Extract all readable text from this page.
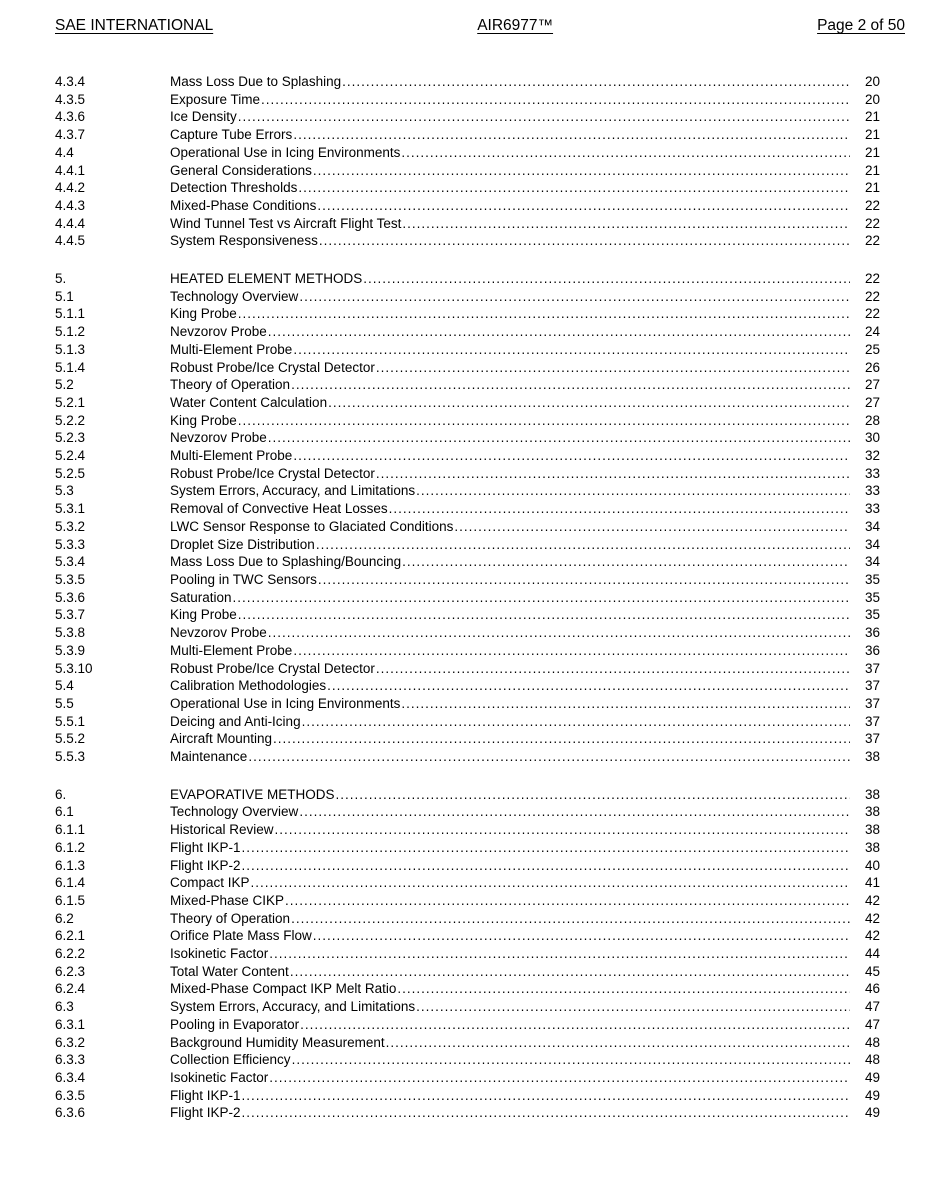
SAE INTERNATIONAL	AIR6977™	Page 2 of 50
4.3.4	Mass Loss Due to Splashing .....	20
4.3.5	Exposure Time .....	20
4.3.6	Ice Density .....	21
4.3.7	Capture Tube Errors .....	21
4.4	Operational Use in Icing Environments .....	21
4.4.1	General Considerations .....	21
4.4.2	Detection Thresholds .....	21
4.4.3	Mixed-Phase Conditions .....	22
4.4.4	Wind Tunnel Test vs Aircraft Flight Test .....	22
4.4.5	System Responsiveness .....	22
5.	HEATED ELEMENT METHODS .....	22
5.1	Technology Overview .....	22
5.1.1	King Probe .....	22
5.1.2	Nevzorov Probe .....	24
5.1.3	Multi-Element Probe .....	25
5.1.4	Robust Probe/Ice Crystal Detector .....	26
5.2	Theory of Operation .....	27
5.2.1	Water Content Calculation .....	27
5.2.2	King Probe .....	28
5.2.3	Nevzorov Probe .....	30
5.2.4	Multi-Element Probe .....	32
5.2.5	Robust Probe/Ice Crystal Detector .....	33
5.3	System Errors, Accuracy, and Limitations .....	33
5.3.1	Removal of Convective Heat Losses .....	33
5.3.2	LWC Sensor Response to Glaciated Conditions .....	34
5.3.3	Droplet Size Distribution .....	34
5.3.4	Mass Loss Due to Splashing/Bouncing .....	34
5.3.5	Pooling in TWC Sensors .....	35
5.3.6	Saturation .....	35
5.3.7	King Probe .....	35
5.3.8	Nevzorov Probe .....	36
5.3.9	Multi-Element Probe .....	36
5.3.10	Robust Probe/Ice Crystal Detector .....	37
5.4	Calibration Methodologies .....	37
5.5	Operational Use in Icing Environments .....	37
5.5.1	Deicing and Anti-Icing .....	37
5.5.2	Aircraft Mounting .....	37
5.5.3	Maintenance .....	38
6.	EVAPORATIVE METHODS .....	38
6.1	Technology Overview .....	38
6.1.1	Historical Review .....	38
6.1.2	Flight IKP-1 .....	38
6.1.3	Flight IKP-2 .....	40
6.1.4	Compact IKP .....	41
6.1.5	Mixed-Phase CIKP .....	42
6.2	Theory of Operation .....	42
6.2.1	Orifice Plate Mass Flow .....	42
6.2.2	Isokinetic Factor .....	44
6.2.3	Total Water Content .....	45
6.2.4	Mixed-Phase Compact IKP Melt Ratio .....	46
6.3	System Errors, Accuracy, and Limitations .....	47
6.3.1	Pooling in Evaporator .....	47
6.3.2	Background Humidity Measurement .....	48
6.3.3	Collection Efficiency .....	48
6.3.4	Isokinetic Factor .....	49
6.3.5	Flight IKP-1 .....	49
6.3.6	Flight IKP-2 .....	49
